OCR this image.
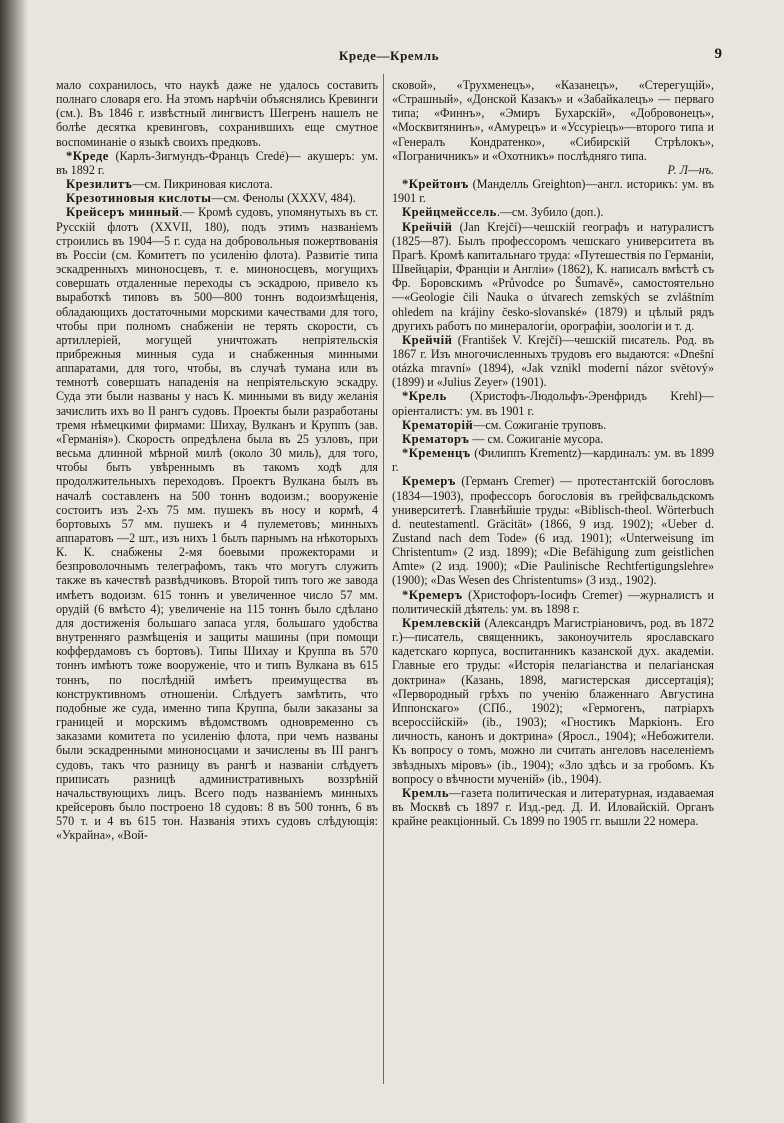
Креде—Кремль	9

мало сохранилось, что наукѣ даже не удалось составить полнаго словаря его. На этомъ нарѣчіи объяснялись Кревинги (см.). Въ 1846 г. извѣстный лингвистъ Шегренъ нашелъ не болѣе десятка кревинговъ, сохранившихъ еще смутное воспоминаніе о языкѣ своихъ предковъ.

*Креде (Карлъ-Зигмундъ-Францъ Credé)— акушеръ: ум. въ 1892 г.

Крезилитъ—см. Пикриновая кислота.

Крезотиновыя кислоты—см. Фенолы (XXXV, 484).

Крейсеръ минный.— Кромѣ судовъ, упомянутыхъ въ ст. Русскій флотъ (XXVII, 180), подъ этимъ названіемъ строились въ 1904—5 г. суда на добровольныя пожертвованія въ Россіи (см. Комитетъ по усиленію флота). Развитіе типа эскадренныхъ миноносцевъ, т. е. миноносцевъ, могущихъ совершать отдаленные переходы съ эскадрою, привело къ выработкѣ типовъ въ 500—800 тоннъ водоизмѣщенія, обладающихъ достаточными морскими качествами для того, чтобы при полномъ снабженіи не терять скорости, съ артиллеріей, могущей уничтожать непріятельскія прибрежныя минныя суда и снабженныя минными аппаратами, для того, чтобы, въ случаѣ тумана или въ темнотѣ совершать нападенія на непріятельскую эскадру. Суда эти были названы у насъ К. минными въ виду желанія зачислить ихъ во II рангъ судовъ. Проекты были разработаны тремя нѣмецкими фирмами: Шихау, Вулканъ и Круппъ (зав. «Германія»). Скорость опредѣлена была въ 25 узловъ, при весьма длинной мѣрной милѣ (около 30 миль), для того, чтобы быть увѣреннымъ въ такомъ ходѣ для продолжительныхъ переходовъ. Проектъ Вулкана былъ въ началѣ составленъ на 500 тоннъ водоизм.; вооруженіе состоитъ изъ 2-хъ 75 мм. пушекъ въ носу и кормѣ, 4 бортовыхъ 57 мм. пушекъ и 4 пулеметовъ; минныхъ аппаратовъ —2 шт., изъ нихъ 1 былъ парнымъ на нѣкоторыхъ К. К. снабжены 2-мя боевыми прожекторами и безпроволочнымъ телеграфомъ, такъ что могутъ служить также въ качествѣ развѣдчиковъ. Второй типъ того же завода имѣетъ водоизм. 615 тоннъ и увеличенное число 57 мм. орудій (6 вмѣсто 4); увеличеніе на 115 тоннъ было сдѣлано для достиженія большаго запаса угля, большаго удобства внутренняго размѣщенія и защиты машины (при помощи коффердамовъ съ бортовъ). Типы Шихау и Круппа въ 570 тоннъ имѣютъ тоже вооруженіе, что и типъ Вулкана въ 615 тоннъ, по послѣдній имѣетъ преимущества въ конструктивномъ отношеніи. Слѣдуетъ замѣтить, что подобные же суда, именно типа Круппа, были заказаны за границей и морскимъ вѣдомствомъ одновременно съ заказами комитета по усиленію флота, при чемъ названы были эскадренными миноносцами и зачислены въ III рангъ судовъ, такъ что разницу въ рангѣ и названіи слѣдуетъ приписать разницѣ административныхъ воззрѣній начальствующихъ лицъ. Всего подъ названіемъ минныхъ крейсеровъ было построено 18 судовъ: 8 въ 500 тоннъ, 6 въ 570 т. и 4 въ 615 тон. Названія этихъ судовъ слѣдующія: «Украйна», «Вой-

сковой», «Трухменецъ», «Казанецъ», «Стерегущій», «Страшный», «Донской Казакъ» и «Забайкалецъ» — перваго типа; «Финнъ», «Эмиръ Бухарскій», «Добровонецъ», «Москвитянинъ», «Амурецъ» и «Уссуріецъ»—второго типа и «Генералъ Кондратенко», «Сибирскій Стрѣлокъ», «Пограничникъ» и «Охотникъ» послѣдняго типа.

Р. Л—нъ.

*Крейтонъ (Манделль Greighton)—англ. историкъ: ум. въ 1901 г.

Крейцмейссель.—см. Зубило (доп.).

Крейчій (Jan Krejčí)—чешскій географъ и натуралистъ (1825—87). Былъ профессоромъ чешскаго университета въ Прагѣ. Кромѣ капитальнаго труда: «Путешествія по Германіи, Швейцаріи, Франціи и Англіи» (1862), К. написалъ вмѣстѣ съ Фр. Боровскимъ «Průvodce po Šumavě», самостоятельно—«Geologie čili Nauka o útvarech zemských se zvláštním ohledem na krájiny česko-slovanské» (1879) и цѣлый рядъ другихъ работъ по минералогіи, орографіи, зоологіи и т. д.

Крейчій (František V. Krejčí)—чешскій писатель. Род. въ 1867 г. Изъ многочисленныхъ трудовъ его выдаются: «Dnešní otázka mravní» (1894), «Jak vznikl moderní názor světový» (1899) и «Julius Zeyer» (1901).

*Крель (Христофъ-Людольфъ-Эренфридъ Krehl)—оріенталистъ: ум. въ 1901 г.

Крематорій—см. Сожиганіе труповъ.

Крематоръ — см. Сожиганіе мусора.

*Кременцъ (Филиппъ Krementz)—кардиналъ: ум. въ 1899 г.

Кремеръ (Германъ Cremer) — протестантскій богословъ (1834—1903), профессоръ богословія въ грейфсвальдскомъ университетѣ. Главнѣйшіе труды: «Biblisch-theol. Wörterbuch d. neutestamentl. Gräcität» (1866, 9 изд. 1902); «Ueber d. Zustand nach dem Tode» (6 изд. 1901); «Unterweisung im Christentum» (2 изд. 1899); «Die Befähigung zum geistlichen Amte» (2 изд. 1900); «Die Paulinische Rechtfertigungslehre» (1900); «Das Wesen des Christentums» (3 изд., 1902).

*Кремеръ (Христофоръ-Іосифъ Cremer) —журналистъ и политическій дѣятель: ум. въ 1898 г.

Кремлевскій (Александръ Магистріановичъ, род. въ 1872 г.)—писатель, священникъ, законоучитель ярославскаго кадетскаго корпуса, воспитанникъ казанской дух. академіи. Главные его труды: «Исторія пелагіанства и пелагіанская доктрина» (Казань, 1898, магистерская диссертація); «Первородный грѣхъ по ученію блаженнаго Августина Иппонскаго» (СПб., 1902); «Гермогенъ, патріархъ всероссійскій» (ib., 1903); «Гностикъ Маркіонъ. Его личность, канонъ и доктрина» (Яросл., 1904); «Небожители. Къ вопросу о томъ, можно ли считать ангеловъ населеніемъ звѣздныхъ міровъ» (ib., 1904); «Зло здѣсь и за гробомъ. Къ вопросу о вѣчности мученій» (ib., 1904).

Кремль—газета политическая и литературная, издаваемая въ Москвѣ съ 1897 г. Изд.-ред. Д. И. Иловайскій. Органъ крайне реакціонный. Съ 1899 по 1905 гг. вышли 22 номера.
